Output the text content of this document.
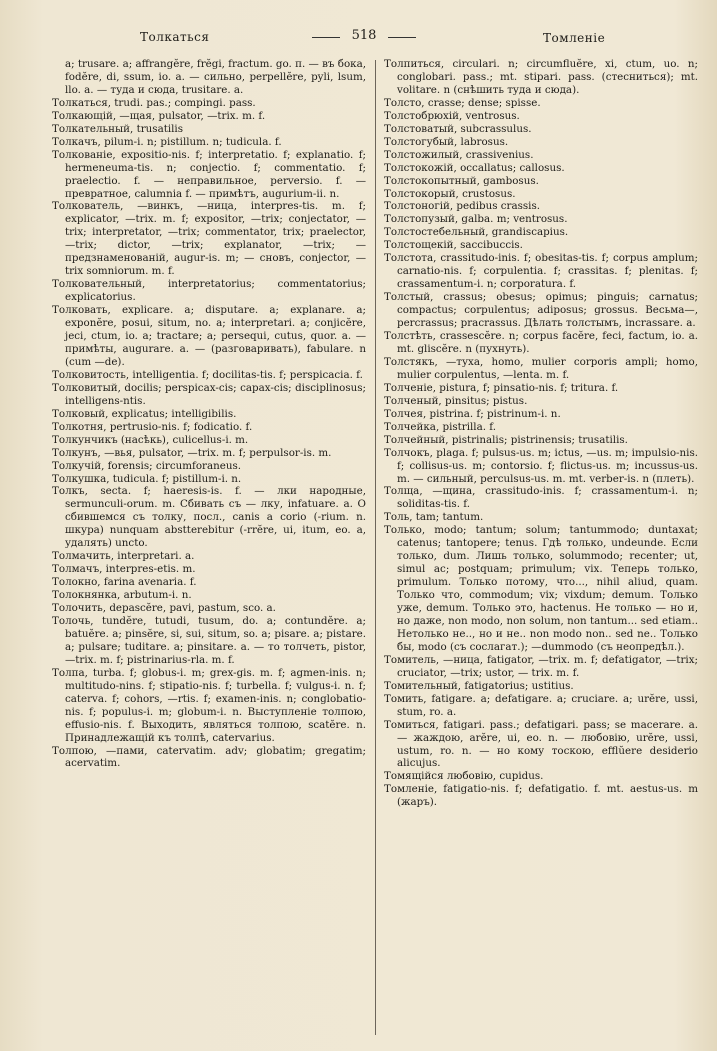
Толкаться	518	Томленіе

a; trusare. a; affrangĕre, frĕgi, fractum. go. п. — въ бока, fodĕre, di, ssum, io. a. — сильно, perpellĕre, pyli, lsum, llo. a. — туда и сюда, trusitare. a.

Толкаться, trudi. pas.; compingi. pass.

Толкающій, —щая, pulsator, —trix. m. f.

Толкательный, trusatilis

Толкачъ, pilum-i. n; pistillum. n; tudicula. f.

Толкованіе, expositio-nis. f; interpretatio. f; explanatio. f; hermeneuma-tis. n; conjectio. f; commentatio. f; praelectio. f. — неправильное, perversio. f. — превратное, calumnia f. — примѣтъ, augurium-ii. n.

Толкователь, —винкъ, —ница, interpres-tis. m. f; explicator, —trix. m. f; expositor, —trix; conjectator, —trix; interpretator, —trix; commentator, trix; praelector, —trix; dictor, —trix; explanator, —trix; — предзнаменованій, augur-is. m; — сновъ, conjector, —trix somniorum. m. f.

Толковательный, interpretatorius; commentatorius; explicatorius.

Толковать, explicare. a; disputare. a; explanare. a; exponĕre, posui, situm, no. a; interpretari. a; conjicĕre, jeci, ctum, io. a; tractare; a; persequi, cutus, quor. a. — примѣты, augurare. a. — (разговаривать), fabulare. n (cum —de).

Толковитость, intelligentia. f; docilitas-tis. f; perspicacia. f.

Толковитый, docilis; perspicax-cis; capax-cis; disciplinosus; intelligens-ntis.

Толковый, explicatus; intelligibilis.

Толкотня, pertrusio-nis. f; fodicatio. f.

Толкунчикъ (насѣкь), culicellus-i. m.

Толкунъ, —вья, pulsator, —trix. m. f; perpulsor-is. m.

Толкучій, forensis; circumforaneus.

Толкушка, tudicula. f; pistillum-i. n.

Толкъ, secta. f; haeresis-is. f. — лки народные, sermunculi-orum. m. Сбивать съ — лку, infatuare. a. О сбившемся съ толку, посл., canis a corio (-rium. n. шкура) nunquam abstterebitur (-rrĕre, ui, itum, eo. a, удалять) uncto.

Толмачить, interpretari. a.

Толмачъ, interpres-etis. m.

Толокно, farina avenaria. f.

Толокнянка, arbutum-i. n.

Толочить, depascĕre, pavi, pastum, sco. a.

Толочь, tundĕre, tutudi, tusum, do. a; contundĕre. a; batuĕre. a; pinsĕre, si, sui, situm, so. a; pisare. a; pistare. a; pulsare; tuditare. a; pinsitare. a. — то толчеть, pistor, —trix. m. f; pistrinarius-rla. m. f.

Толпа, turba. f; globus-i. m; grex-gis. m. f; agmen-inis. n; multitudo-nins. f; stipatio-nis. f; turbella. f; vulgus-i. n. f; caterva. f; cohors, —rtis. f; examen-inis. n; conglobatio-nis. f; populus-i. m; globum-i. n. Выступленіе толпою, effusio-nis. f. Выходить, являться толпою, scatĕre. n. Принадлежащій къ толпѣ, catervarius.

Толпою, —пами, catervatim. adv; globatim; gregatim; acervatim.

Толпиться, circulari. n; circumfluĕre, xi, ctum, uo. n; conglobari. pass.; mt. stipari. pass. (стесниться); mt. volitare. n (снѣшить туда и сюда).

Толсто, crasse; dense; spisse.

Толстобрюхій, ventrosus.

Толстоватый, subcrassulus.

Толстогубый, labrosus.

Толстожилый, crassivenius.

Толстокожій, occallatus; callosus.

Толстокопытный, gambosus.

Толстокорый, crustosus.

Толстоногій, pedibus crassis.

Толстопузый, galba. m; ventrosus.

Толстостебельный, grandiscapius.

Толстощекій, saccibuccis.

Толстота, crassitudo-inis. f; obesitas-tis. f; corpus amplum; carnatio-nis. f; corpulentia. f; crassitas. f; plenitas. f; crassamentum-i. n; corporatura. f.

Толстый, crassus; obesus; opimus; pinguis; carnatus; compactus; corpulentus; adiposus; grossus. Весьма—, percrassus; pracrassus. Дѣлать толстымъ, incrassare. a.

Толстѣть, crassescĕre. n; corpus facĕre, feci, factum, io. a. mt. gliscĕre. n (пухнуть).

Толстякъ, —туха, homo, mulier corporis ampli; homo, mulier corpulentus, —lenta. m. f.

Толченіе, pistura, f; pinsatio-nis. f; tritura. f.

Толченый, pinsitus; pistus.

Толчея, pistrina. f; pistrinum-i. n.

Толчейка, pistrilla. f.

Толчейный, pistrinalis; pistrinensis; trusatilis.

Толчокъ, plaga. f; pulsus-us. m; ictus, —us. m; impulsio-nis. f; collisus-us. m; contorsio. f; flictus-us. m; incussus-us. m. — сильный, perculsus-us. m. mt. verber-is. n (плеть).

Толща, —щина, crassitudo-inis. f; crassamentum-i. n; soliditas-tis. f.

Толь, tam; tantum.

Только, modo; tantum; solum; tantummodo; duntaxat; catenus; tantopere; tenus. Гдѣ только, undeunde. Если только, dum. Лишь только, solummodo; recenter; ut, simul ac; postquam; primulum; vix. Теперь только, primulum. Только потому, что..., nihil aliud, quam. Только что, commodum; vix; vixdum; demum. Только уже, demum. Только это, hactenus. Не только — но и, но даже, non modo, non solum, non tantum... sed etiam.. Нетолько не.., но и не.. non modo non.. sed ne.. Только бы, modo (съ сослагат.); —dummodo (съ неопредѣл.).

Томитель, —ница, fatigator, —trix. m. f; defatigator, —trix; cruciator, —trix; ustor, — trix. m. f.

Томительный, fatigatorius; ustitius.

Томить, fatigare. a; defatigare. a; cruciare. a; urĕre, ussi, stum, ro. a.

Томиться, fatigari. pass.; defatigari. pass; se macerare. a. — жаждою, arĕre, ui, eo. n. — любовію, urĕre, ussi, ustum, ro. n. — но кому тоскою, efflŭere desiderio alicujus.

Томящійся любовію, cupidus.

Томленіе, fatigatio-nis. f; defatigatio. f. mt. aestus-us. m (жаръ).
